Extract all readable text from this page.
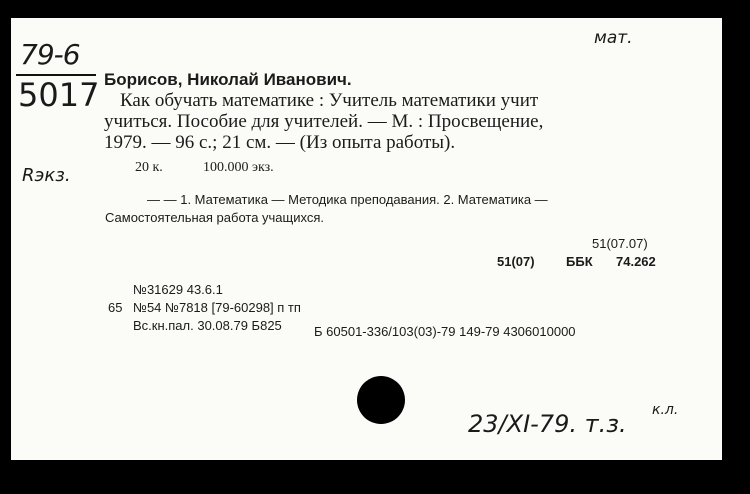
79-6
5017
Rэкз.
мат.
23/XI-79. т.з. к.л.
Борисов, Николай Иванович.
Как обучать математике : Учитель математики учит
учиться. Пособие для учителей. — М. : Просвещение,
1979. — 96 с.; 21 см. — (Из опыта работы).
20 к.	100.000 экз.
— — 1. Математика — Методика преподавания. 2. Математика —
Самостоятельная работа учащихся.
51(07.07)
51(07) ББК 74.262
№31629 43.6.1
65 №54 №7818 [79-60298] п тп
Вс.кн.пал. 30.08.79 Б825 Б 60501-336/103(03)-79 149-79 4306010000
